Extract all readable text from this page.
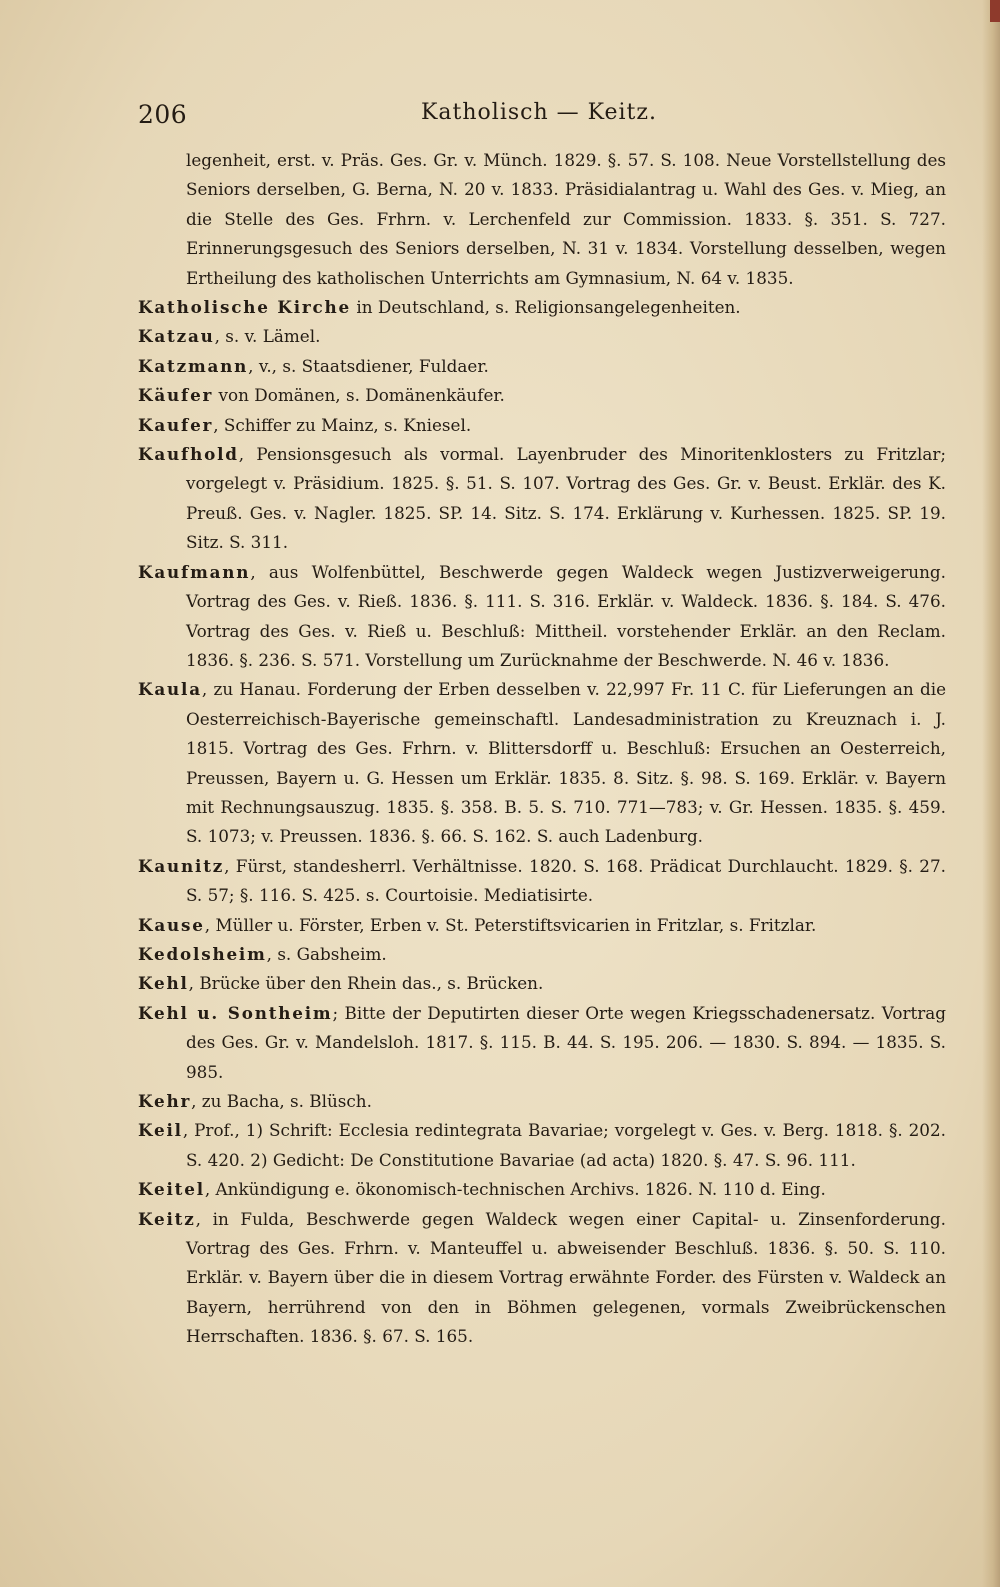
206	Katholisch — Keitz.

legenheit, erst. v. Präs. Ges. Gr. v. Münch. 1829. §. 57. S. 108. Neue Vorstellstellung des Seniors derselben, G. Berna, N. 20 v. 1833. Präsidialantrag u. Wahl des Ges. v. Mieg, an die Stelle des Ges. Frhrn. v. Lerchenfeld zur Commission. 1833. §. 351. S. 727. Erinnerungsgesuch des Seniors derselben, N. 31 v. 1834. Vorstellung desselben, wegen Ertheilung des katholischen Unterrichts am Gymnasium, N. 64 v. 1835.

Katholische Kirche in Deutschland, s. Religionsangelegenheiten.

Katzau, s. v. Lämel.

Katzmann, v., s. Staatsdiener, Fuldaer.

Käufer von Domänen, s. Domänenkäufer.

Kaufer, Schiffer zu Mainz, s. Kniesel.

Kaufhold, Pensionsgesuch als vormal. Layenbruder des Minoritenklosters zu Fritzlar; vorgelegt v. Präsidium. 1825. §. 51. S. 107. Vortrag des Ges. Gr. v. Beust. Erklär. des K. Preuß. Ges. v. Nagler. 1825. SP. 14. Sitz. S. 174. Erklärung v. Kurhessen. 1825. SP. 19. Sitz. S. 311.

Kaufmann, aus Wolfenbüttel, Beschwerde gegen Waldeck wegen Justizverweigerung. Vortrag des Ges. v. Rieß. 1836. §. 111. S. 316. Erklär. v. Waldeck. 1836. §. 184. S. 476. Vortrag des Ges. v. Rieß u. Beschluß: Mittheil. vorstehender Erklär. an den Reclam. 1836. §. 236. S. 571. Vorstellung um Zurücknahme der Beschwerde. N. 46 v. 1836.

Kaula, zu Hanau. Forderung der Erben desselben v. 22,997 Fr. 11 C. für Lieferungen an die Oesterreichisch-Bayerische gemeinschaftl. Landesadministration zu Kreuznach i. J. 1815. Vortrag des Ges. Frhrn. v. Blittersdorff u. Beschluß: Ersuchen an Oesterreich, Preussen, Bayern u. G. Hessen um Erklär. 1835. 8. Sitz. §. 98. S. 169. Erklär. v. Bayern mit Rechnungsauszug. 1835. §. 358. B. 5. S. 710. 771—783; v. Gr. Hessen. 1835. §. 459. S. 1073; v. Preussen. 1836. §. 66. S. 162. S. auch Ladenburg.

Kaunitz, Fürst, standesherrl. Verhältnisse. 1820. S. 168. Prädicat Durchlaucht. 1829. §. 27. S. 57; §. 116. S. 425. s. Courtoisie. Mediatisirte.

Kause, Müller u. Förster, Erben v. St. Peterstiftsvicarien in Fritzlar, s. Fritzlar.

Kedolsheim, s. Gabsheim.

Kehl, Brücke über den Rhein das., s. Brücken.

Kehl u. Sontheim; Bitte der Deputirten dieser Orte wegen Kriegsschadenersatz. Vortrag des Ges. Gr. v. Mandelsloh. 1817. §. 115. B. 44. S. 195. 206. — 1830. S. 894. — 1835. S. 985.

Kehr, zu Bacha, s. Blüsch.

Keil, Prof., 1) Schrift: Ecclesia redintegrata Bavariae; vorgelegt v. Ges. v. Berg. 1818. §. 202. S. 420. 2) Gedicht: De Constitutione Bavariae (ad acta) 1820. §. 47. S. 96. 111.

Keitel, Ankündigung e. ökonomisch-technischen Archivs. 1826. N. 110 d. Eing.

Keitz, in Fulda, Beschwerde gegen Waldeck wegen einer Capital- u. Zinsenforderung. Vortrag des Ges. Frhrn. v. Manteuffel u. abweisender Beschluß. 1836. §. 50. S. 110. Erklär. v. Bayern über die in diesem Vortrag erwähnte Forder. des Fürsten v. Waldeck an Bayern, herrührend von den in Böhmen gelegenen, vormals Zweibrückenschen Herrschaften. 1836. §. 67. S. 165.
